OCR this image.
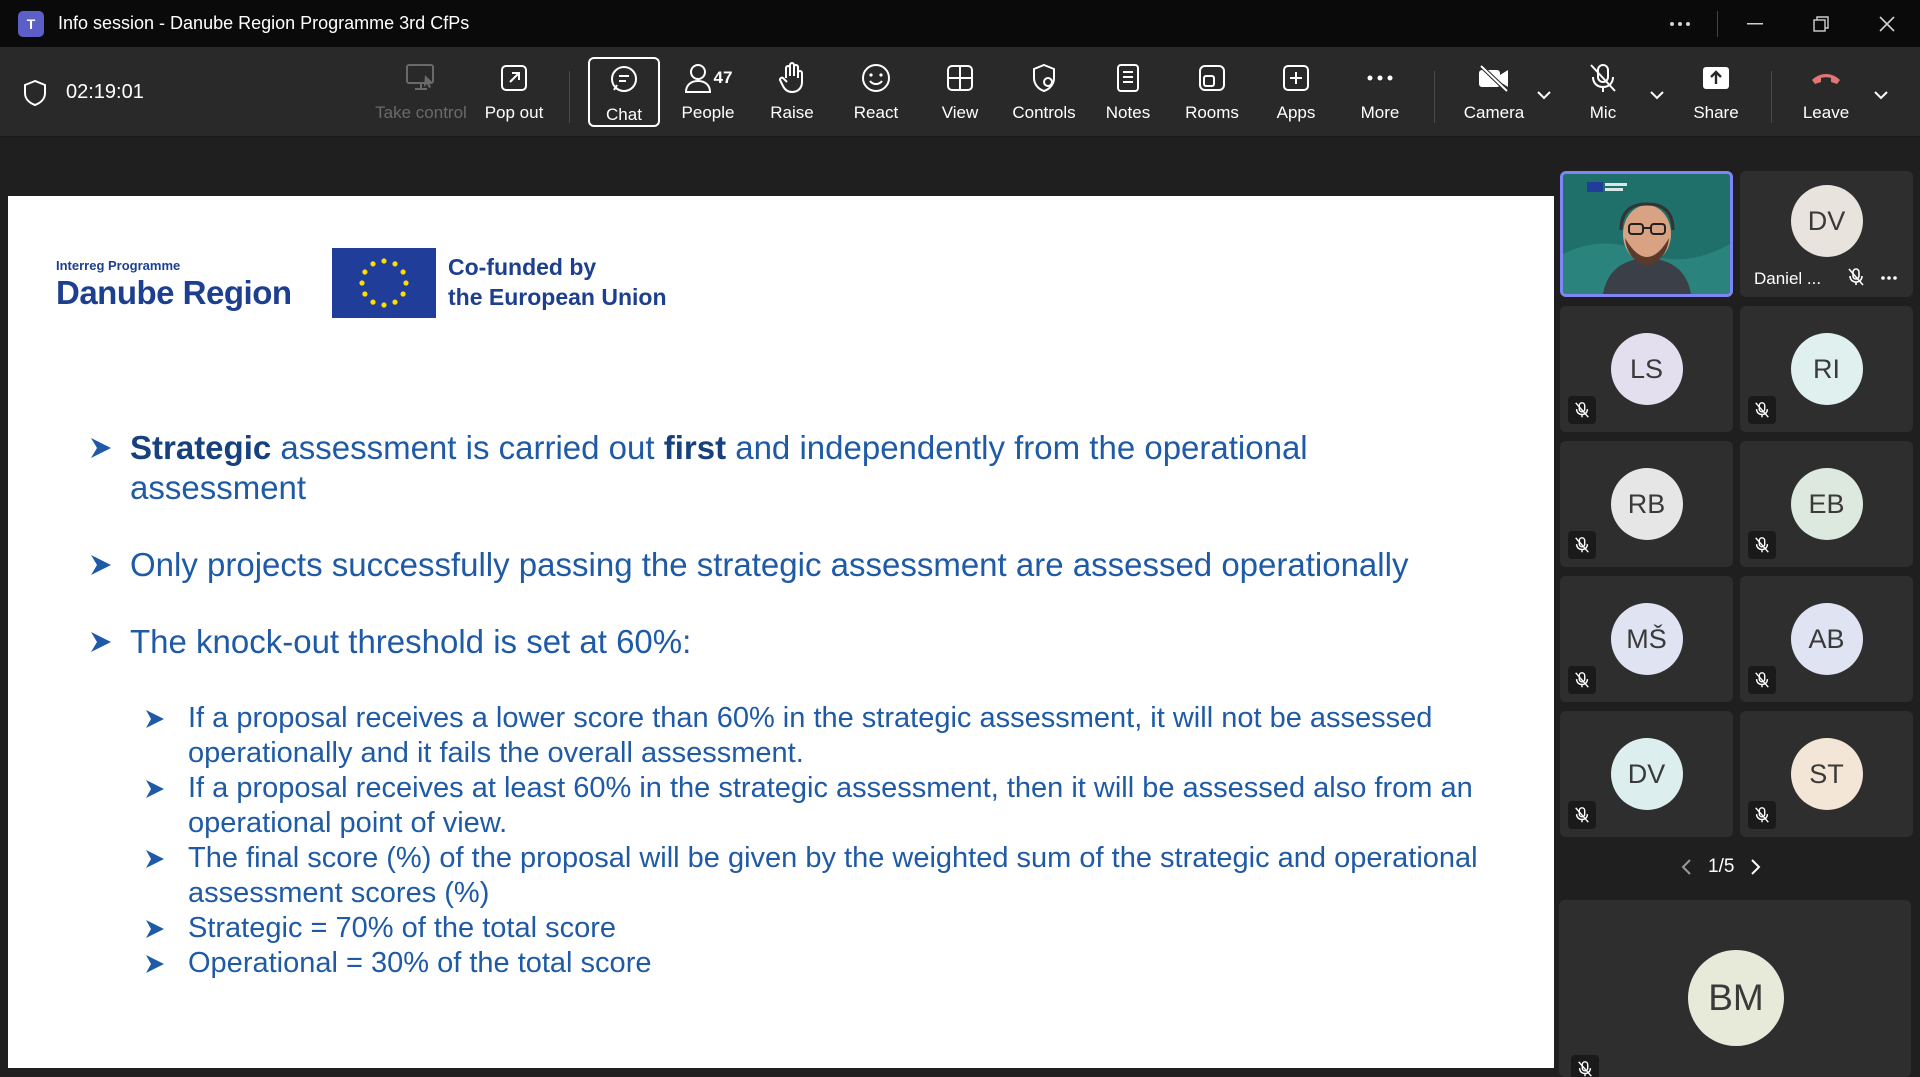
T	Info session - Danube Region Programme 3rd CfPs
02:19:01
Take control Pop out	Chat
47
People Raise React	View Controls Notes Rooms Apps	More	Camera	Mic	Share	Leave
Interreg Programme
Danube Region
Co-funded by
the European Union
Strategic assessment is carried out first and independently from the operational assessment
Only projects successfully passing the strategic assessment are assessed operationally
The knock-out threshold is set at 60%:
If a proposal receives a lower score than 60% in the strategic assessment, it will not be assessed operationally and it fails the overall assessment.
If a proposal receives at least 60% in the strategic assessment, then it will be assessed also from an operational point of view.
The final score (%) of the proposal will be given by the weighted sum of the strategic and operational assessment scores (%)
Strategic = 70% of the total score
Operational = 30% of the total score
DV
Daniel ...
LS	RI
RB	EB
MŠ	AB
DV	ST
1/5
BM
